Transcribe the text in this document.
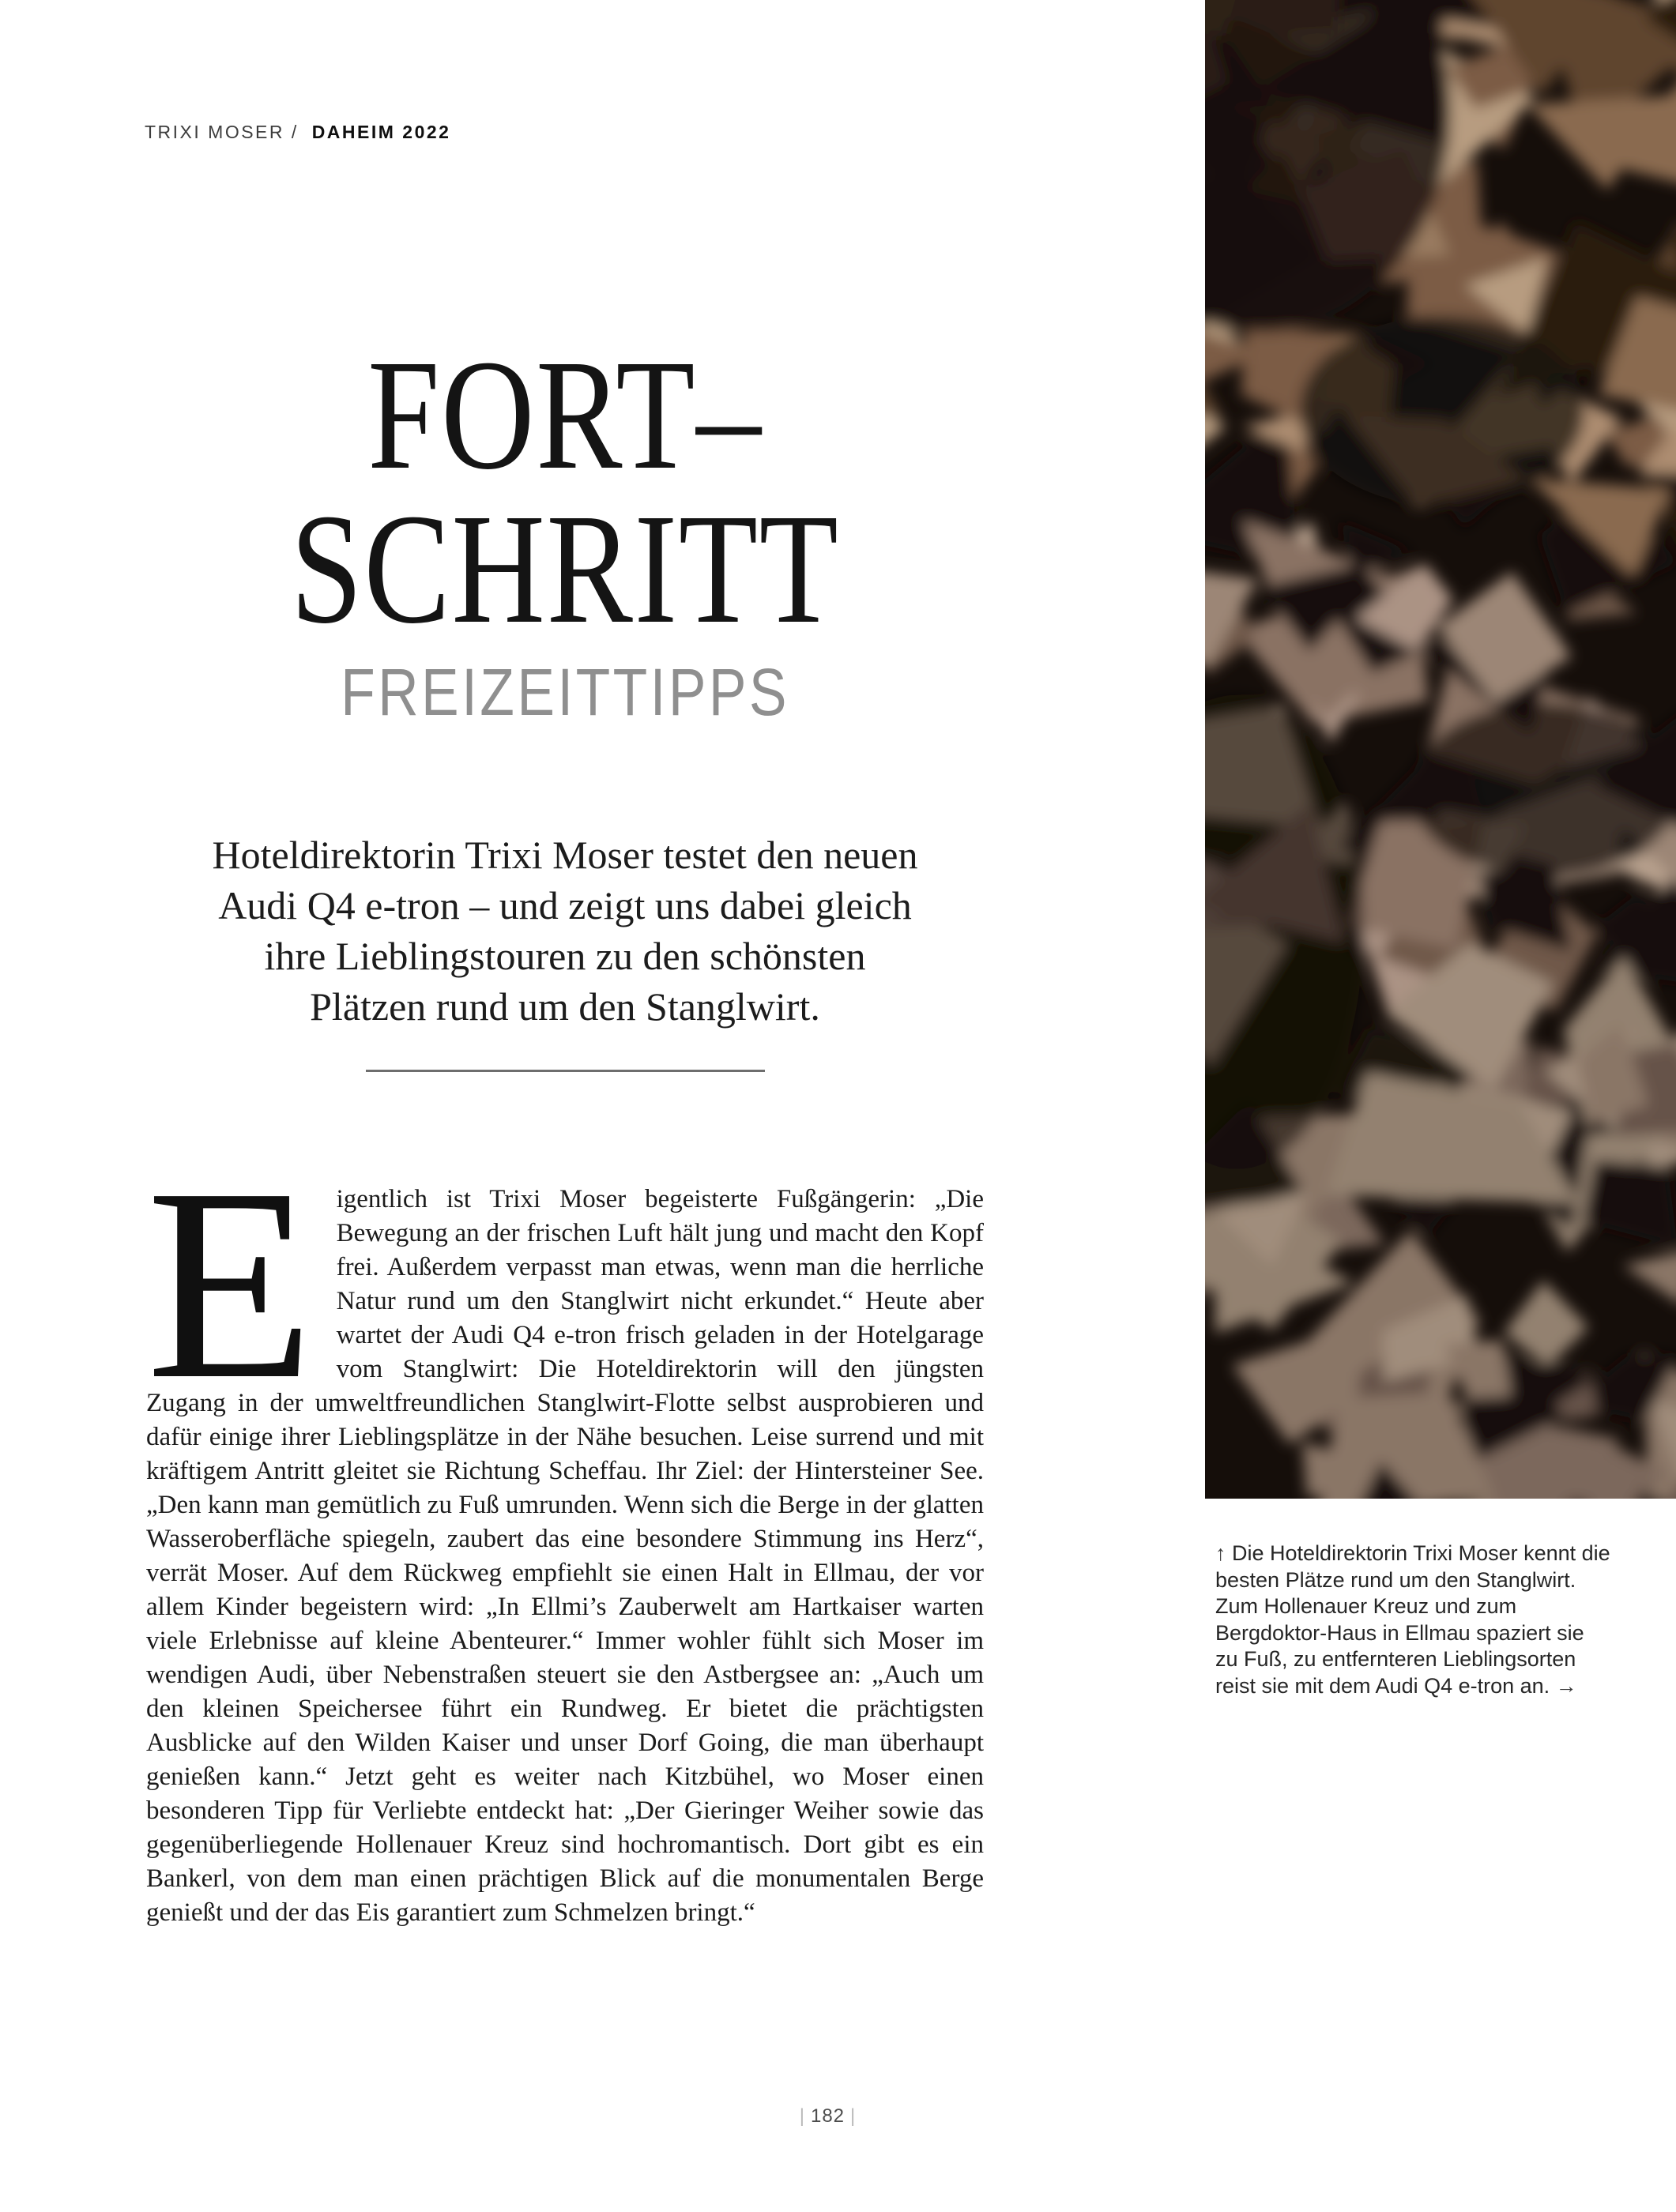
TRIXI MOSER / DAHEIM 2022
FORT–
SCHRITT
FREIZEITTIPPS
Hoteldirektorin Trixi Moser testet den neuen
Audi Q4 e-tron – und zeigt uns dabei gleich
ihre Lieblingstouren zu den schönsten
Plätzen rund um den Stanglwirt.
Eigentlich ist Trixi Moser begeisterte Fußgängerin: „Die Bewegung an der frischen Luft hält jung und macht den Kopf frei. Außerdem verpasst man etwas, wenn man die herrliche Natur rund um den Stanglwirt nicht erkundet.“ Heute aber wartet der Audi Q4 e-tron frisch geladen in der Hotelgarage vom Stanglwirt: Die Hoteldirektorin will den jüngsten Zugang in der umweltfreundlichen Stanglwirt-Flotte selbst ausprobieren und dafür einige ihrer Lieblingsplätze in der Nähe besuchen. Leise surrend und mit kräftigem Antritt gleitet sie Richtung Scheffau. Ihr Ziel: der Hintersteiner See. „Den kann man gemütlich zu Fuß umrunden. Wenn sich die Berge in der glatten Wasseroberfläche spiegeln, zaubert das eine besondere Stimmung ins Herz“, verrät Moser. Auf dem Rückweg empfiehlt sie einen Halt in Ellmau, der vor allem Kinder begeistern wird: „In Ellmi’s Zauberwelt am Hartkaiser warten viele Erlebnisse auf kleine Abenteurer.“ Immer wohler fühlt sich Moser im wendigen Audi, über Nebenstraßen steuert sie den Astbergsee an: „Auch um den kleinen Speichersee führt ein Rundweg. Er bietet die prächtigsten Ausblicke auf den Wilden Kaiser und unser Dorf Going, die man überhaupt genießen kann.“ Jetzt geht es weiter nach Kitzbühel, wo Moser einen besonderen Tipp für Verliebte entdeckt hat: „Der Gieringer Weiher sowie das gegenüberliegende Hollenauer Kreuz sind hochromantisch. Dort gibt es ein Bankerl, von dem man einen prächtigen Blick auf die monumentalen Berge genießt und der das Eis garantiert zum Schmelzen bringt.“
↑ Die Hoteldirektorin Trixi Moser kennt die besten Plätze rund um den Stanglwirt. Zum Hollenauer Kreuz und zum Bergdoktor-Haus in Ellmau spaziert sie zu Fuß, zu entfernteren Lieblingsorten reist sie mit dem Audi Q4 e-tron an. →
| 182 |
